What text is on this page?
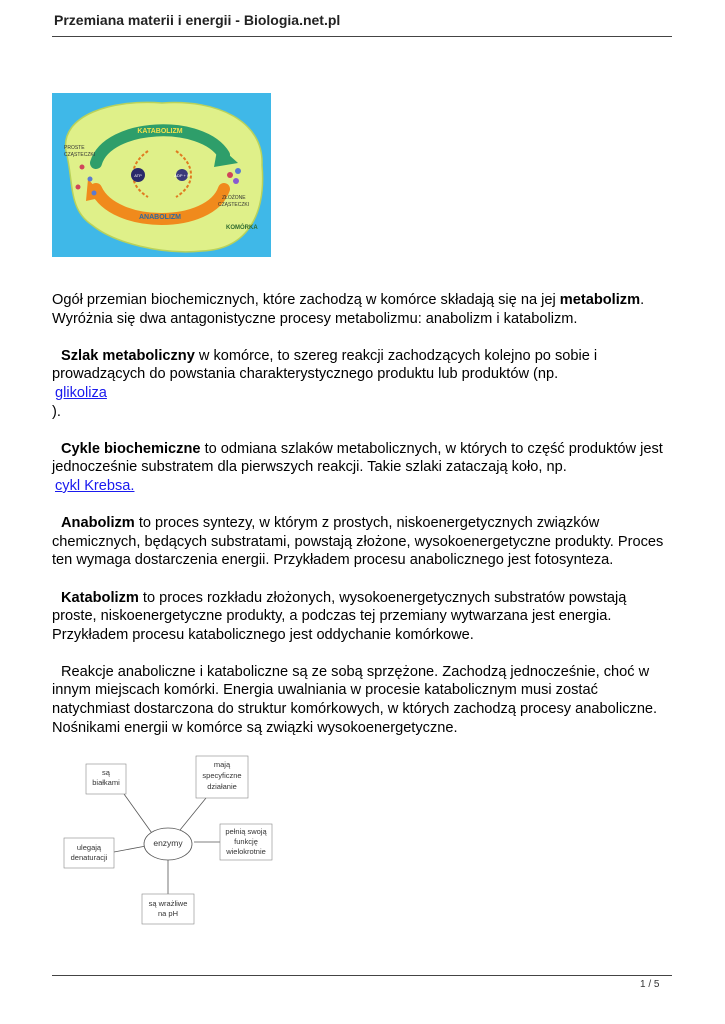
Przemiana materii i energii - Biologia.net.pl
KATABOLIZM
ANABOLIZM
PROSTE
CZĄSTECZKI
ZŁOŻONE
CZĄSTECZKI
ATP	ADP + P
KOMÓRKA

Ogół przemian biochemicznych, które zachodzą w komórce składają się na jej metabolizm. Wyróżnia się dwa antagonistyczne procesy metabolizmu: anabolizm i katabolizm.

Szlak metaboliczny w komórce, to szereg reakcji zachodzących kolejno po sobie i prowadzących do powstania charakterystycznego produktu lub produktów (np.
glikoliza
).

Cykle biochemiczne to odmiana szlaków metabolicznych, w których to część produktów jest jednocześnie substratem dla pierwszych reakcji. Takie szlaki zataczają koło, np.
cykl Krebsa.

Anabolizm to proces syntezy, w którym z prostych, niskoenergetycznych związków chemicznych, będących substratami, powstają złożone, wysokoenergetyczne produkty. Proces ten wymaga dostarczenia energii. Przykładem procesu anabolicznego jest fotosynteza.

Katabolizm to proces rozkładu złożonych, wysokoenergetycznych substratów powstają proste, niskoenergetyczne produkty, a podczas tej przemiany wytwarzana jest energia. Przykładem procesu katabolicznego jest oddychanie komórkowe.

Reakcje anaboliczne i kataboliczne są ze sobą sprzężone. Zachodzą jednocześnie, choć w innym miejscach komórki. Energia uwalniania w procesie katabolicznym musi zostać natychmiast dostarczona do struktur komórkowych, w których zachodzą procesy anaboliczne. Nośnikami energii w komórce są związki wysokoenergetyczne.

enzymy
są
białkami
mają
specyficzne
działanie
pełnią swoją
funkcję
wielokrotnie
ulegają
denaturacji
są wrażliwe
na pH
1 / 5
